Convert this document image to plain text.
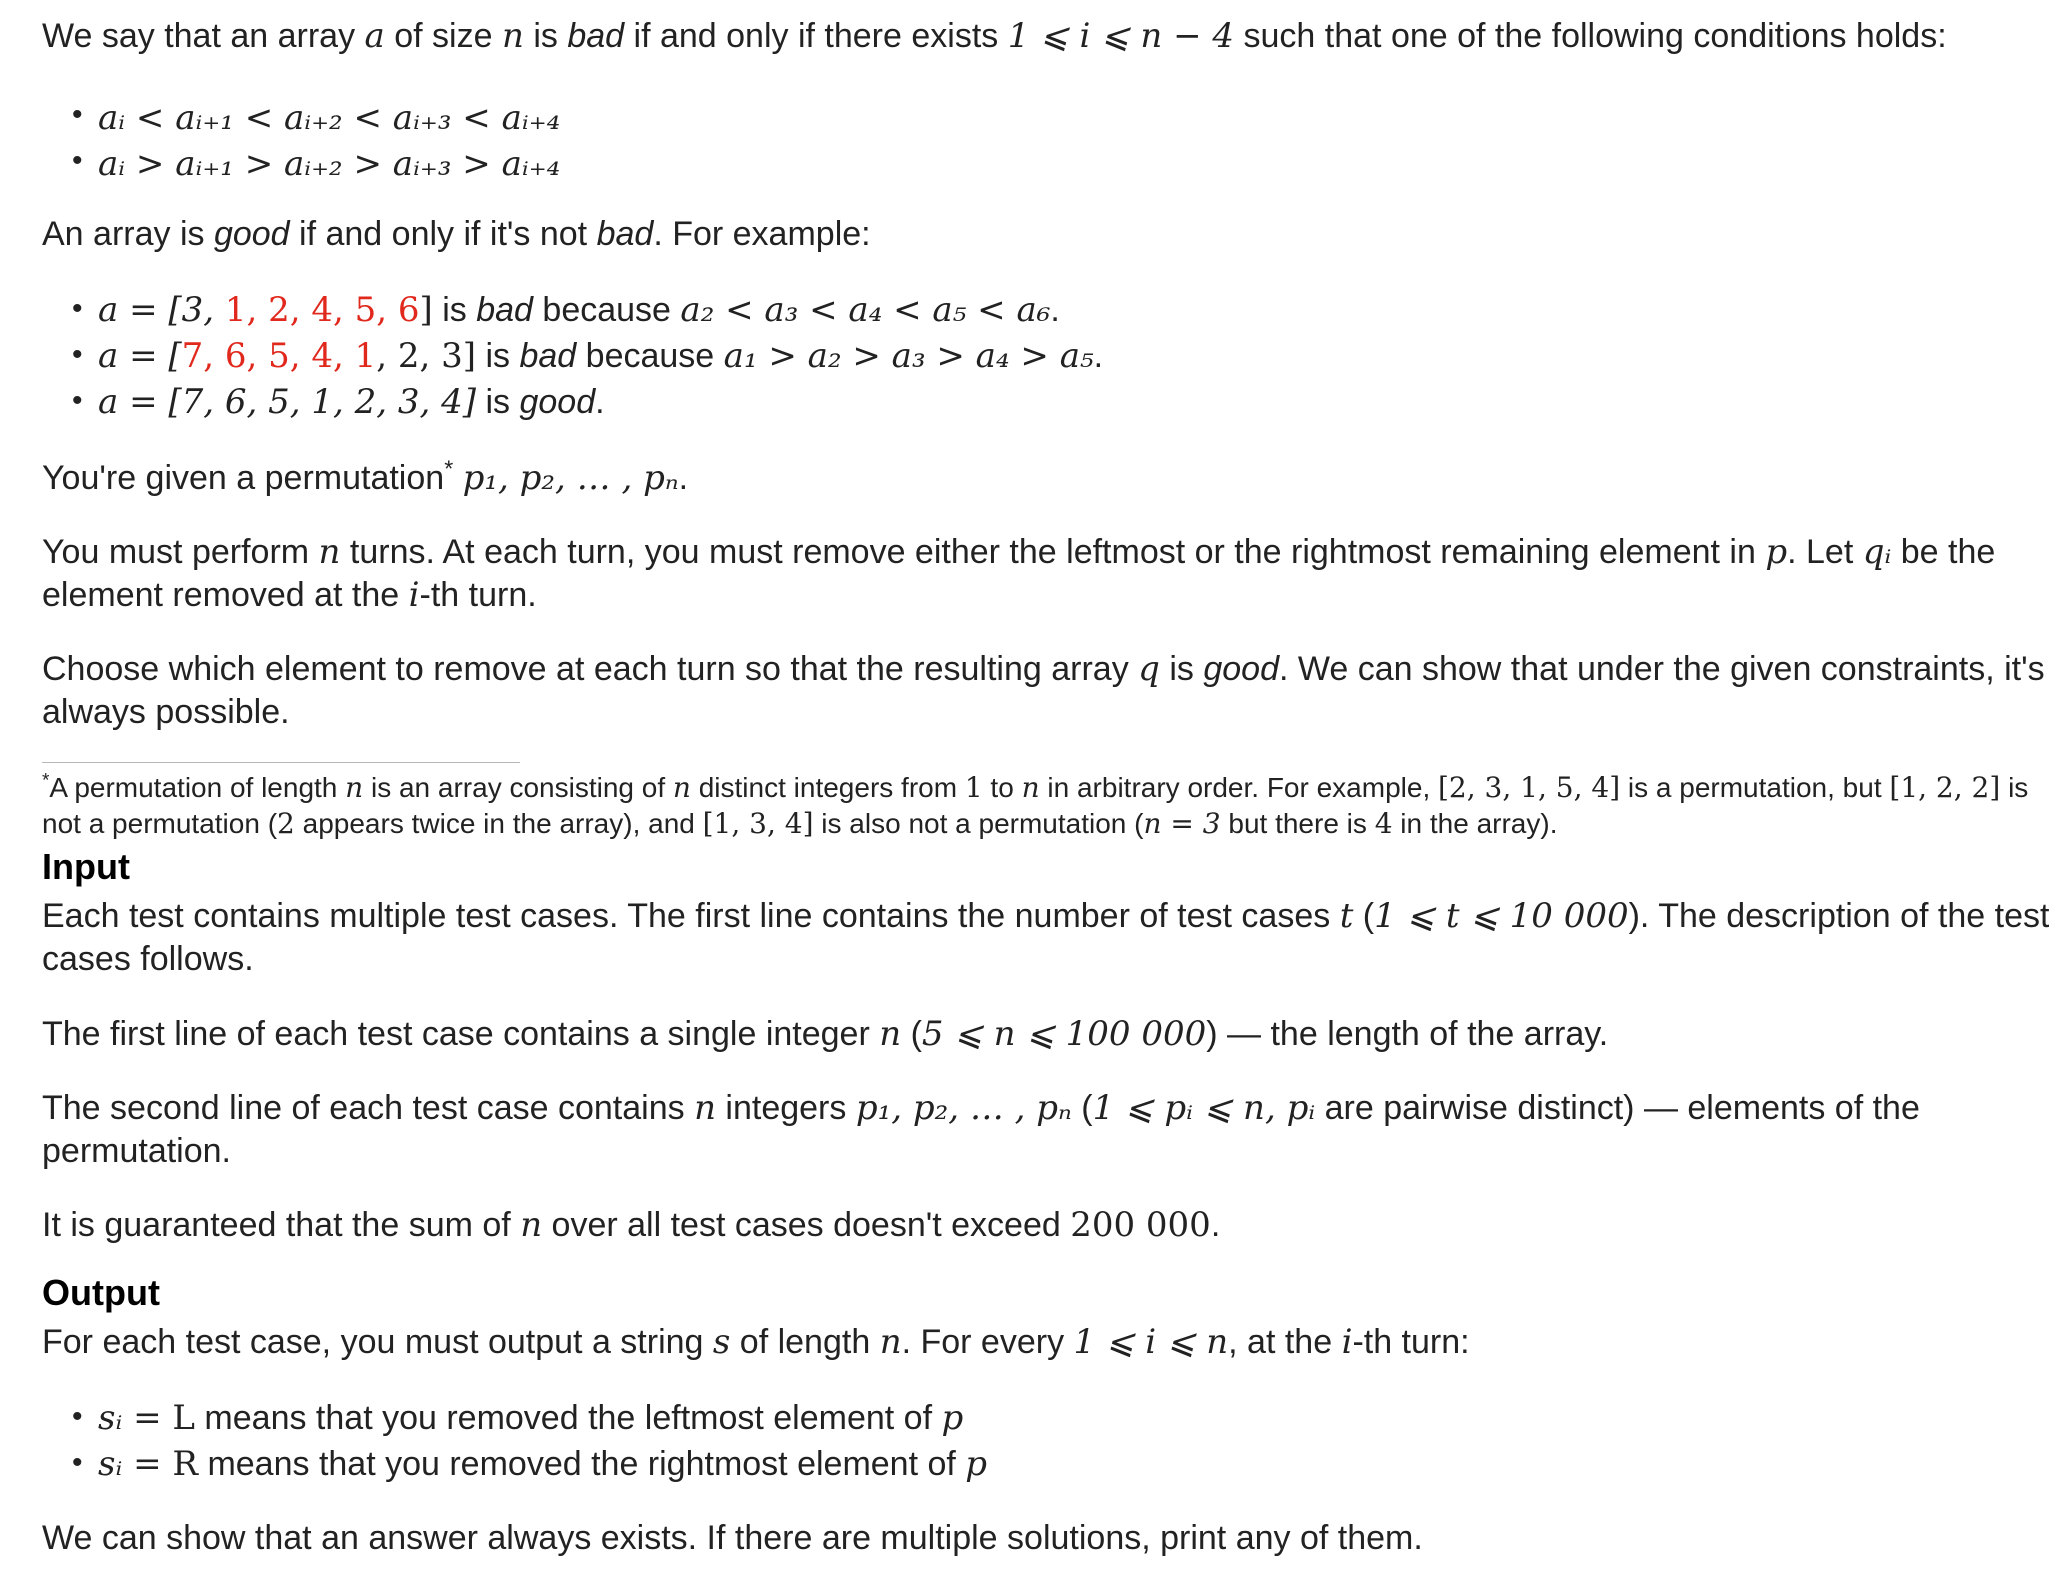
We say that an array a of size n is bad if and only if there exists 1 ⩽ i ⩽ n − 4 such that one of the following conditions holds:
• aᵢ < aᵢ₊₁ < aᵢ₊₂ < aᵢ₊₃ < aᵢ₊₄
• aᵢ > aᵢ₊₁ > aᵢ₊₂ > aᵢ₊₃ > aᵢ₊₄
An array is good if and only if it's not bad. For example:
• a = [3, 1, 2, 4, 5, 6] is bad because a₂ < a₃ < a₄ < a₅ < a₆.
• a = [7, 6, 5, 4, 1, 2, 3] is bad because a₁ > a₂ > a₃ > a₄ > a₅.
• a = [7, 6, 5, 1, 2, 3, 4] is good.
You're given a permutation* p₁, p₂, … , pₙ.
You must perform n turns. At each turn, you must remove either the leftmost or the rightmost remaining element in p. Let qᵢ be the
element removed at the i-th turn.
Choose which element to remove at each turn so that the resulting array q is good. We can show that under the given constraints, it's
always possible.
*A permutation of length n is an array consisting of n distinct integers from 1 to n in arbitrary order. For example, [2, 3, 1, 5, 4] is a permutation, but [1, 2, 2] is
not a permutation (2 appears twice in the array), and [1, 3, 4] is also not a permutation (n = 3 but there is 4 in the array).
Input
Each test contains multiple test cases. The first line contains the number of test cases t (1 ⩽ t ⩽ 10 000). The description of the test
cases follows.
The first line of each test case contains a single integer n (5 ⩽ n ⩽ 100 000) — the length of the array.
The second line of each test case contains n integers p₁, p₂, … , pₙ (1 ⩽ pᵢ ⩽ n, pᵢ are pairwise distinct) — elements of the
permutation.
It is guaranteed that the sum of n over all test cases doesn't exceed 200 000.
Output
For each test case, you must output a string s of length n. For every 1 ⩽ i ⩽ n, at the i-th turn:
• sᵢ = L means that you removed the leftmost element of p
• sᵢ = R means that you removed the rightmost element of p
We can show that an answer always exists. If there are multiple solutions, print any of them.
